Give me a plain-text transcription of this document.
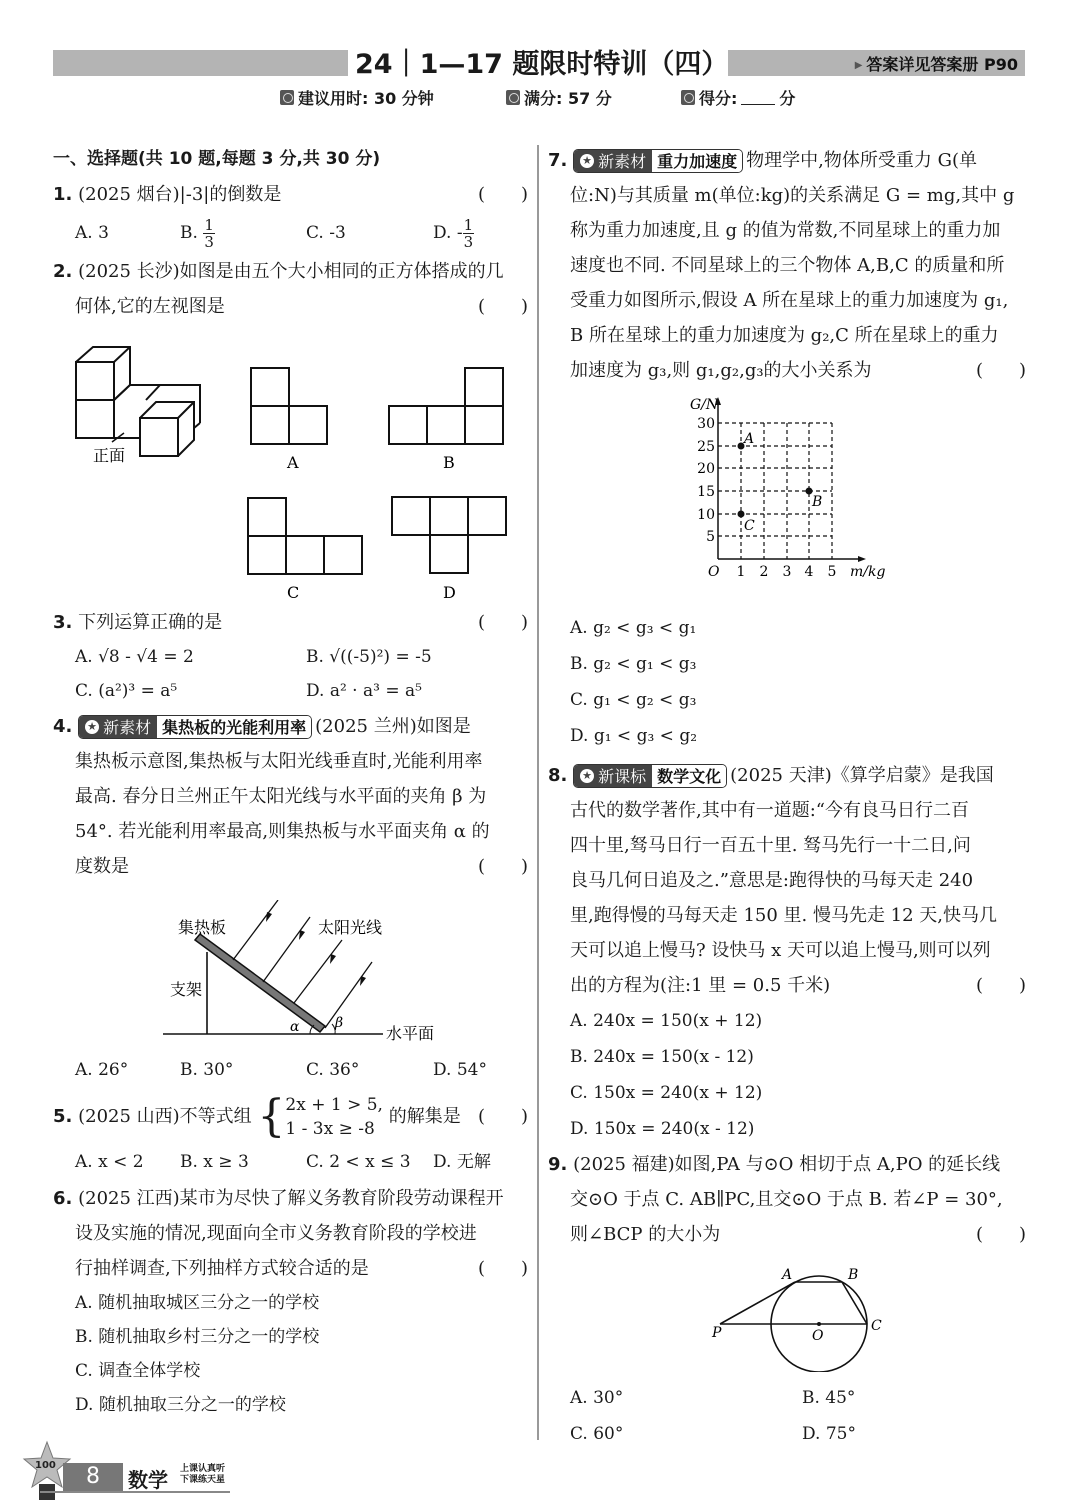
24｜1—17 题限时特训（四）	▶ 答案详见答案册 P90
建议用时: 30 分钟	满分: 57 分	得分:	分
一、选择题(共 10 题,每题 3 分,共 30 分)
1. (2025 烟台)|-3|的倒数是	(　　)
A. 3	B. $\frac{1}{3}$	C. -3	D. - $\frac{1}{3}$
2. (2025 长沙)如图是由五个大小相同的正方体搭成的几
何体,它的左视图是	(　　)
正面	A	B
C	D
3. 下列运算正确的是	(　　)
A. √8 - √4 = 2	B. √((-5)²) = -5
C. (a²)³ = a⁵	D. a² · a³ = a⁵
4. ★ 新素材 集热板的光能利用率 (2025 兰州)如图是
集热板示意图,集热板与太阳光线垂直时,光能利用率
最高. 春分日兰州正午太阳光线与水平面的夹角 β 为
54°. 若光能利用率最高,则集热板与水平面夹角 α 的
度数是	(　　)
集热板	太阳光线
支架
水平面
α	β
A. 26°	B. 30°	C. 36°	D. 54°
5. (2025 山西)不等式组 { 2x + 1 > 5,
1 - 3x ≥ -8
的解集是 (　　)
A. x < 2 B. x ≥ 3	C. 2 < x ≤ 3 D. 无解
6. (2025 江西)某市为尽快了解义务教育阶段劳动课程开
设及实施的情况,现面向全市义务教育阶段的学校进
行抽样调查,下列抽样方式较合适的是	(　　)
A. 随机抽取城区三分之一的学校
B. 随机抽取乡村三分之一的学校
C. 调查全体学校
D. 随机抽取三分之一的学校
7. ★ 新素材 重力加速度 物理学中,物体所受重力 G(单
位:N)与其质量 m(单位:kg)的关系满足 G = mg,其中 g
称为重力加速度,且 g 的值为常数,不同星球上的重力加
速度也不同. 不同星球上的三个物体 A,B,C 的质量和所
受重力如图所示,假设 A 所在星球上的重力加速度为 g₁,
B 所在星球上的重力加速度为 g₂,C 所在星球上的重力
加速度为 g₃,则 g₁,g₂,g₃的大小关系为	(　　)
30
25
20
15
10
5
1 2 3 4 5
O
G/N
m/kg
A
B
C
A. g₂ < g₃ < g₁
B. g₂ < g₁ < g₃
C. g₁ < g₂ < g₃
D. g₁ < g₃ < g₂
8. ★ 新课标 数学文化 (2025 天津)《算学启蒙》是我国
古代的数学著作,其中有一道题:“今有良马日行二百
四十里,驽马日行一百五十里. 驽马先行一十二日,问
良马几何日追及之.”意思是:跑得快的马每天走 240
里,跑得慢的马每天走 150 里. 慢马先走 12 天,快马几
天可以追上慢马? 设快马 x 天可以追上慢马,则可以列
出的方程为(注:1 里 = 0.5 千米)	(　　)
A. 240x = 150(x + 12)
B. 240x = 150(x - 12)
C. 150x = 240(x + 12)
D. 150x = 240(x - 12)
9. (2025 福建)如图,PA 与⊙O 相切于点 A,PO 的延长线
交⊙O 于点 C. AB∥PC,且交⊙O 于点 B. 若∠P = 30°,
则∠BCP 的大小为	(　　)
A	B
C
O
P
A. 30°	B. 45°
C. 60°	D. 75°
100	8	数学 上课认真听
下课练天星
